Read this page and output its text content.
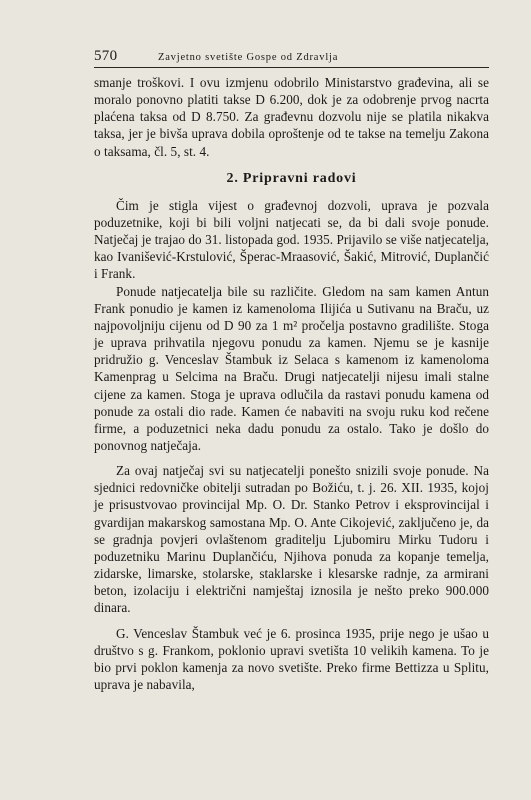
570	Zavjetno svetište Gospe od Zdravlja

smanje troškovi. I ovu izmjenu odobrilo Ministarstvo građevina, ali se moralo ponovno platiti takse D 6.200, dok je za odobrenje prvog nacrta plaćena taksa od D 8.750. Za građevnu dozvolu nije se platila nikakva taksa, jer je bivša uprava dobila oproštenje od te takse na temelju Zakona o taksama, čl. 5, st. 4.

2. Pripravni radovi

Čim je stigla vijest o građevnoj dozvoli, uprava je pozvala poduzetnike, koji bi bili voljni natjecati se, da bi dali svoje ponude. Natječaj je trajao do 31. listopada god. 1935. Prijavilo se više natjecatelja, kao Ivanišević-Krstulović, Šperac-Mraasović, Šakić, Mitrović, Duplančić i Frank.

Ponude natjecatelja bile su različite. Gledom na sam kamen Antun Frank ponudio je kamen iz kamenoloma Ilijića u Sutivanu na Braču, uz najpovoljniju cijenu od D 90 za 1 m² pročelja postavno gradilište. Stoga je uprava prihvatila njegovu ponudu za kamen. Njemu se je kasnije pridružio g. Venceslav Štambuk iz Selaca s kamenom iz kamenoloma Kamenprag u Selcima na Braču. Drugi natjecatelji nijesu imali stalne cijene za kamen. Stoga je uprava odlučila da rastavi ponudu kamena od ponude za ostali dio rade. Kamen će nabaviti na svoju ruku kod rečene firme, a poduzetnici neka dadu ponudu za ostalo. Tako je došlo do ponovnog natječaja.

Za ovaj natječaj svi su natjecatelji ponešto snizili svoje ponude. Na sjednici redovničke obitelji sutradan po Božiću, t. j. 26. XII. 1935, kojoj je prisustvovao provincijal Mp. O. Dr. Stanko Petrov i eksprovincijal i gvardijan makarskog samostana Mp. O. Ante Cikojević, zaključeno je, da se gradnja povjeri ovlaštenom graditelju Ljubomiru Mirku Tudoru i poduzetniku Marinu Duplančiću, Njihova ponuda za kopanje temelja, zidarske, limarske, stolarske, staklarske i klesarske radnje, za armirani beton, izolaciju i električni namještaj iznosila je nešto preko 900.000 dinara.

G. Venceslav Štambuk već je 6. prosinca 1935, prije nego je ušao u društvo s g. Frankom, poklonio upravi svetišta 10 velikih kamena. To je bio prvi poklon kamenja za novo svetište. Preko firme Bettizza u Splitu, uprava je nabavila,
